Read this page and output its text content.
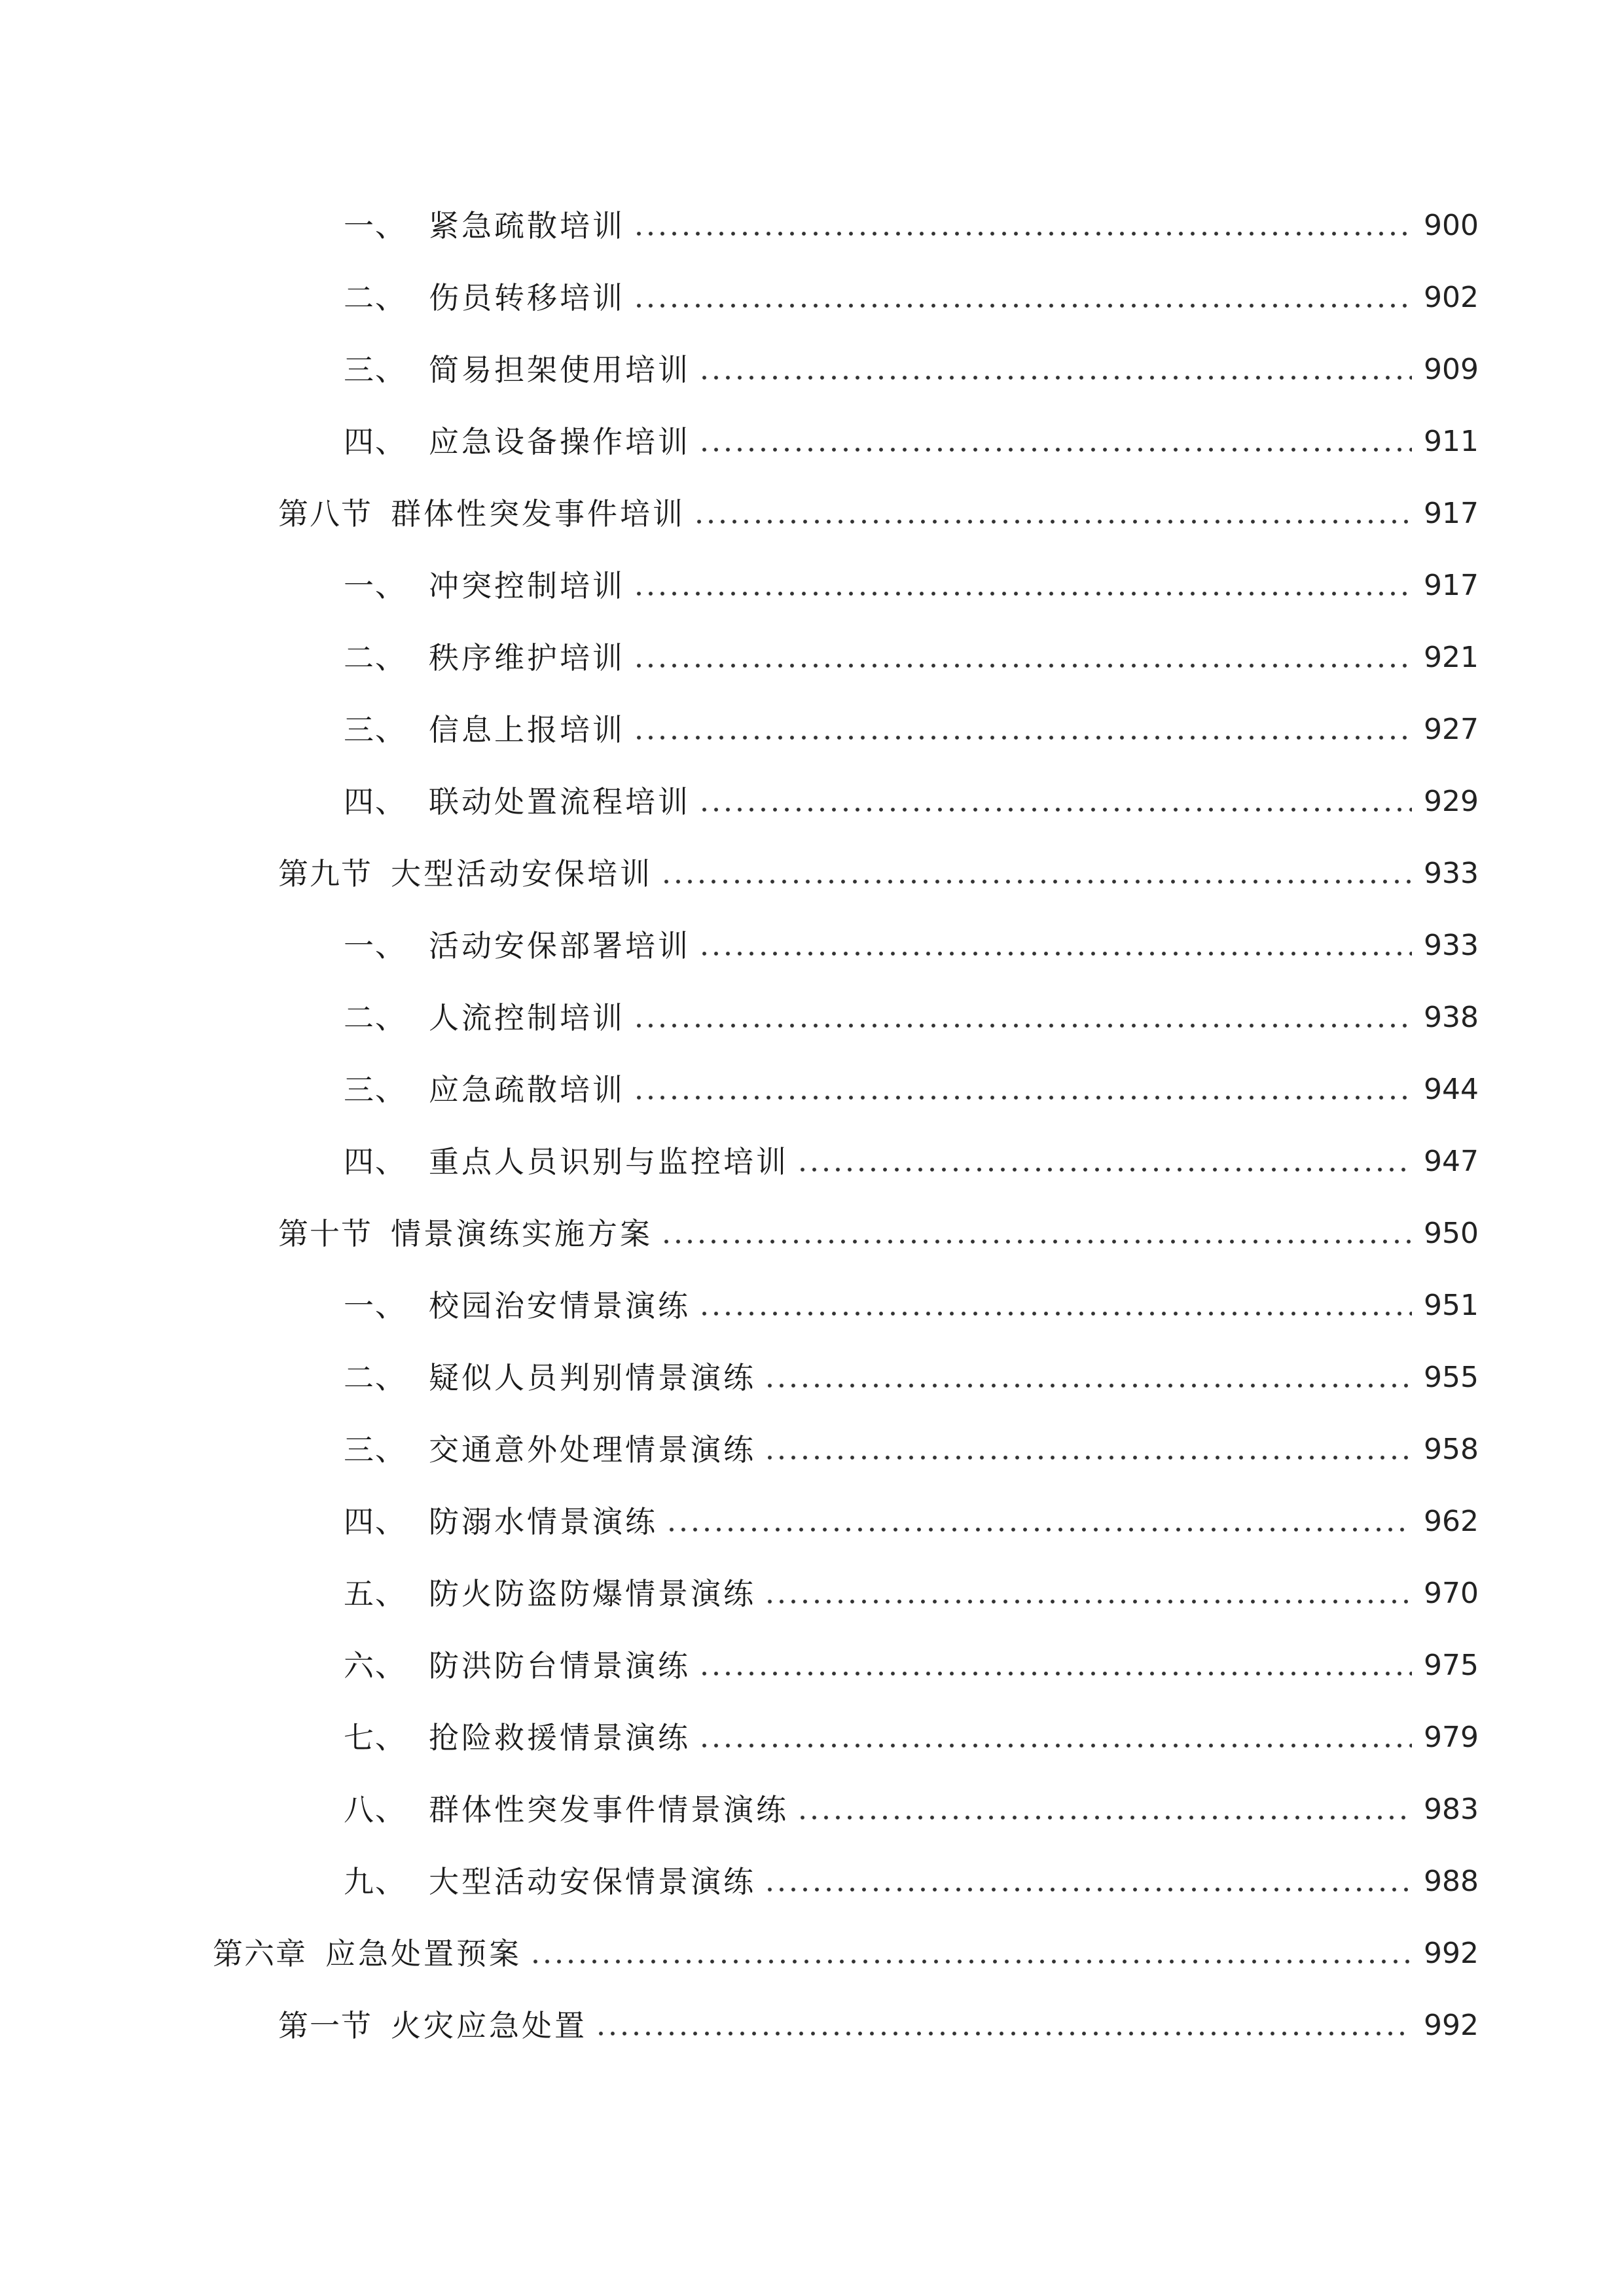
一、 紧急疏散培训	900
二、 伤员转移培训	902
三、 简易担架使用培训	909
四、 应急设备操作培训	911
第八节 群体性突发事件培训	917
一、 冲突控制培训	917
二、 秩序维护培训	921
三、 信息上报培训	927
四、 联动处置流程培训	929
第九节 大型活动安保培训	933
一、 活动安保部署培训	933
二、 人流控制培训	938
三、 应急疏散培训	944
四、 重点人员识别与监控培训	947
第十节 情景演练实施方案	950
一、 校园治安情景演练	951
二、 疑似人员判别情景演练	955
三、 交通意外处理情景演练	958
四、 防溺水情景演练	962
五、 防火防盗防爆情景演练	970
六、 防洪防台情景演练	975
七、 抢险救援情景演练	979
八、 群体性突发事件情景演练	983
九、 大型活动安保情景演练	988
第六章 应急处置预案	992
第一节 火灾应急处置	992
